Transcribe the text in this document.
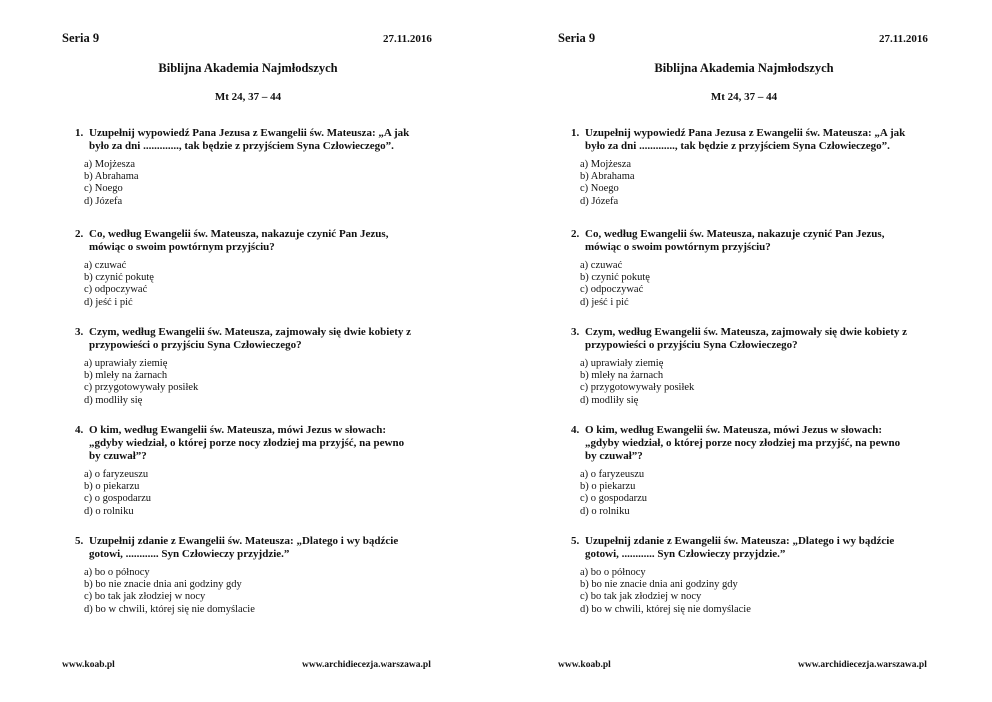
Seria 9	27.11.2016
Biblijna Akademia Najmłodszych
Mt 24, 37 – 44
1. Uzupełnij wypowiedź Pana Jezusa z Ewangelii św. Mateusza: „A jak
było za dni ............., tak będzie z przyjściem Syna Człowieczego”.
a) Mojżesza
b) Abrahama
c) Noego
d) Józefa
2. Co, według Ewangelii św. Mateusza, nakazuje czynić Pan Jezus,
mówiąc o swoim powtórnym przyjściu?
a) czuwać
b) czynić pokutę
c) odpoczywać
d) jeść i pić
3. Czym, według Ewangelii św. Mateusza, zajmowały się dwie kobiety z
przypowieści o przyjściu Syna Człowieczego?
a) uprawiały ziemię
b) mleły na żarnach
c) przygotowywały posiłek
d) modliły się
4. O kim, według Ewangelii św. Mateusza, mówi Jezus w słowach:
„gdyby wiedział, o której porze nocy złodziej ma przyjść, na pewno
by czuwał”?
a) o faryzeuszu
b) o piekarzu
c) o gospodarzu
d) o rolniku
5. Uzupełnij zdanie z Ewangelii św. Mateusza: „Dlatego i wy bądźcie
gotowi, ............ Syn Człowieczy przyjdzie.”
a) bo o północy
b) bo nie znacie dnia ani godziny gdy
c) bo tak jak złodziej w nocy
d) bo w chwili, której się nie domyślacie
www.koab.pl	www.archidiecezja.warszawa.pl
Seria 9	27.11.2016
Biblijna Akademia Najmłodszych
Mt 24, 37 – 44
1. Uzupełnij wypowiedź Pana Jezusa z Ewangelii św. Mateusza: „A jak
było za dni ............., tak będzie z przyjściem Syna Człowieczego”.
a) Mojżesza
b) Abrahama
c) Noego
d) Józefa
2. Co, według Ewangelii św. Mateusza, nakazuje czynić Pan Jezus,
mówiąc o swoim powtórnym przyjściu?
a) czuwać
b) czynić pokutę
c) odpoczywać
d) jeść i pić
3. Czym, według Ewangelii św. Mateusza, zajmowały się dwie kobiety z
przypowieści o przyjściu Syna Człowieczego?
a) uprawiały ziemię
b) mleły na żarnach
c) przygotowywały posiłek
d) modliły się
4. O kim, według Ewangelii św. Mateusza, mówi Jezus w słowach:
„gdyby wiedział, o której porze nocy złodziej ma przyjść, na pewno
by czuwał”?
a) o faryzeuszu
b) o piekarzu
c) o gospodarzu
d) o rolniku
5. Uzupełnij zdanie z Ewangelii św. Mateusza: „Dlatego i wy bądźcie
gotowi, ............ Syn Człowieczy przyjdzie.”
a) bo o północy
b) bo nie znacie dnia ani godziny gdy
c) bo tak jak złodziej w nocy
d) bo w chwili, której się nie domyślacie
www.koab.pl	www.archidiecezja.warszawa.pl
